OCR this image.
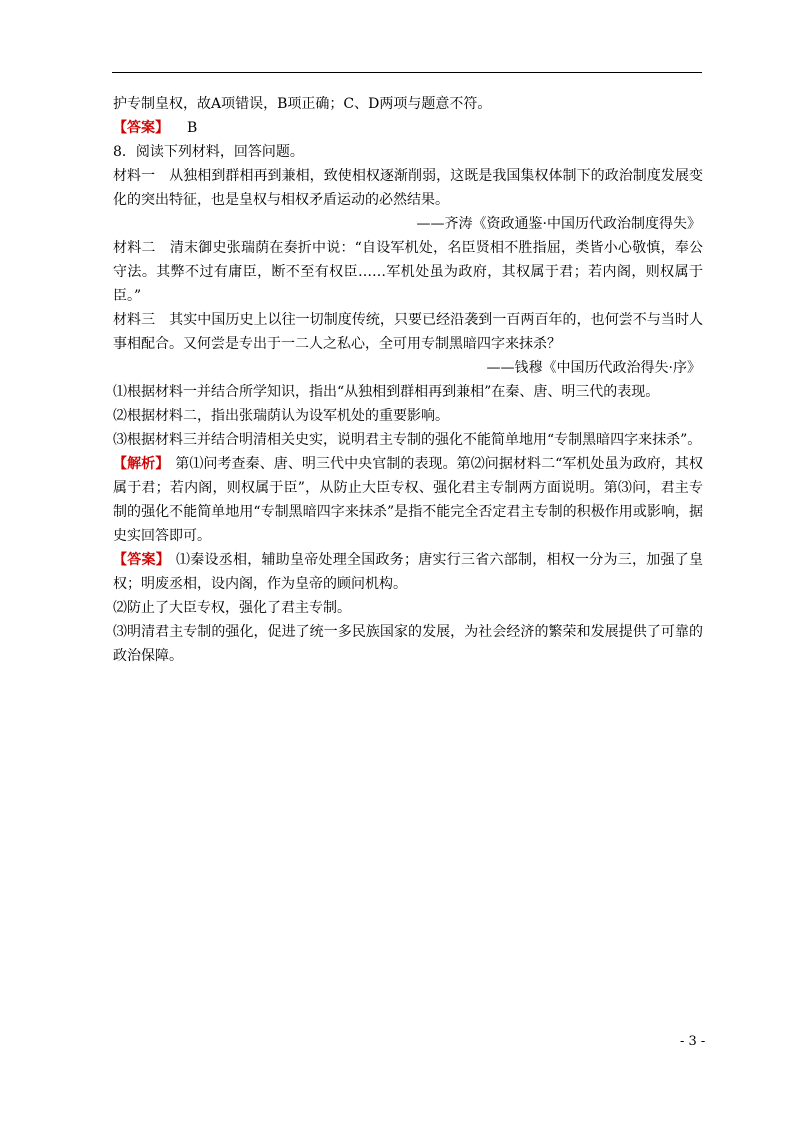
护专制皇权，故A项错误，B项正确；C、D两项与题意不符。

【答案】 B

8．阅读下列材料，回答问题。

材料一　从独相到群相再到兼相，致使相权逐渐削弱，这既是我国集权体制下的政治制度发展变化的突出特征，也是皇权与相权矛盾运动的必然结果。

——齐涛《资政通鉴·中国历代政治制度得失》

材料二　清末御史张瑞荫在奏折中说：“自设军机处，名臣贤相不胜指屈，类皆小心敬慎，奉公守法。其弊不过有庸臣，断不至有权臣……军机处虽为政府，其权属于君；若内阁，则权属于臣。”

材料三　其实中国历史上以往一切制度传统，只要已经沿袭到一百两百年的，也何尝不与当时人事相配合。又何尝是专出于一二人之私心，全可用专制黑暗四字来抹杀？

——钱穆《中国历代政治得失·序》

⑴根据材料一并结合所学知识，指出“从独相到群相再到兼相”在秦、唐、明三代的表现。

⑵根据材料二，指出张瑞荫认为设军机处的重要影响。

⑶根据材料三并结合明清相关史实，说明君主专制的强化不能简单地用“专制黑暗四字来抹杀”。

【解析】 第⑴问考查秦、唐、明三代中央官制的表现。第⑵问据材料二“军机处虽为政府，其权属于君；若内阁，则权属于臣”，从防止大臣专权、强化君主专制两方面说明。第⑶问，君主专制的强化不能简单地用“专制黑暗四字来抹杀”是指不能完全否定君主专制的积极作用或影响，据史实回答即可。

【答案】 ⑴秦设丞相，辅助皇帝处理全国政务；唐实行三省六部制，相权一分为三，加强了皇权；明废丞相，设内阁，作为皇帝的顾问机构。

⑵防止了大臣专权，强化了君主专制。

⑶明清君主专制的强化，促进了统一多民族国家的发展，为社会经济的繁荣和发展提供了可靠的政治保障。

- 3 -
